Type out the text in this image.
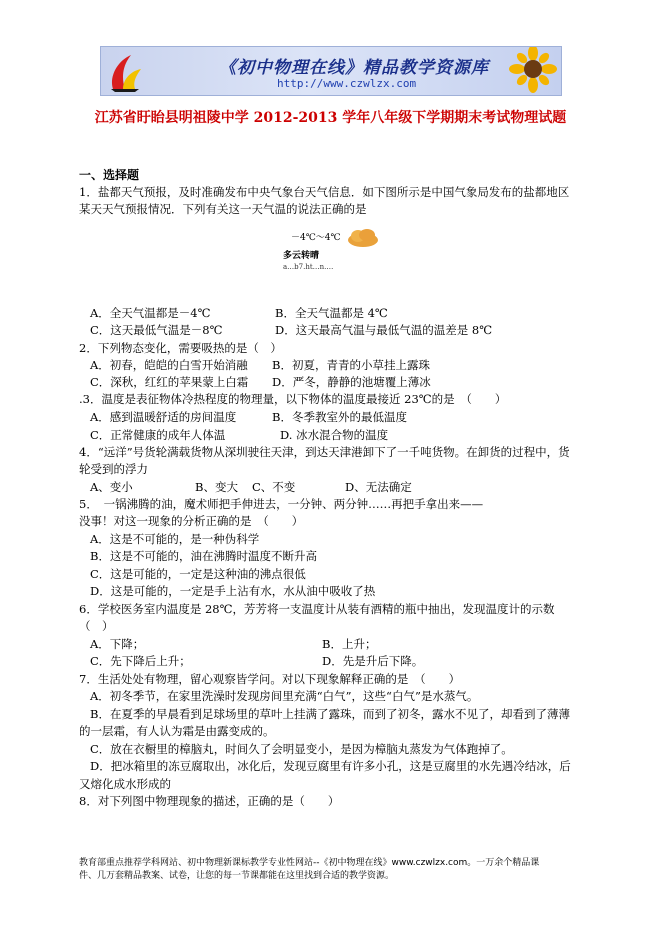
《初中物理在线》精品教学资源库
http://www.czwlzx.com
江苏省盱眙县明祖陵中学 2012-2013 学年八年级下学期期末考试物理试题
一、选择题
1．盐都天气预报，及时准确发布中央气象台天气信息．如下图所示是中国气象局发布的盐都地区
某天天气预报情况．下列有关这一天气温的说法正确的是
－4℃～4℃
多云转晴
a…b7.ht…n.…
A．全天气温都是－4℃	B．全天气温都是 4℃
C．这天最低气温是－8℃	D．这天最高气温与最低气温的温差是 8℃
2．下列物态变化，需要吸热的是（　）
A．初春，皑皑的白雪开始消融 B．初夏，青青的小草挂上露珠
C．深秋，红红的苹果蒙上白霜 D．严冬，静静的池塘覆上薄冰
.3．温度是表征物体冷热程度的物理量，以下物体的温度最接近 23℃的是　（　　）
A．感到温暖舒适的房间温度	B．冬季教室外的最低温度
C．正常健康的成年人体温	D. 冰水混合物的温度
4．“远洋”号货轮满载货物从深圳驶往天津，到达天津港卸下了一千吨货物。在卸货的过程中，货
轮受到的浮力
A、变小	B、变大 C、不变	D、无法确定
5．　一锅沸腾的油，魔术师把手伸进去，一分钟、两分钟……再把手拿出来——
没事！对这一现象的分析正确的是　（　　）
A．这是不可能的，是一种伪科学
B．这是不可能的，油在沸腾时温度不断升高
C．这是可能的，一定是这种油的沸点很低
D．这是可能的，一定是手上沾有水，水从油中吸收了热
6．学校医务室内温度是 28℃，芳芳将一支温度计从装有酒精的瓶中抽出，发现温度计的示数
（　）
A．下降；	B．上升；
C．先下降后上升；	D．先是升后下降。
7．生活处处有物理，留心观察皆学问。对以下现象解释正确的是　（　　）
A．初冬季节，在家里洗澡时发现房间里充满“白气”，这些“白气”是水蒸气。
B．在夏季的早晨看到足球场里的草叶上挂满了露珠，而到了初冬，露水不见了，却看到了薄薄
的一层霜，有人认为霜是由露变成的。
C．放在衣橱里的樟脑丸，时间久了会明显变小，是因为樟脑丸蒸发为气体跑掉了。
D．把冰箱里的冻豆腐取出，冰化后，发现豆腐里有许多小孔，这是豆腐里的水先遇冷结冰，后
又熔化成水形成的
8．对下列图中物理现象的描述，正确的是（　　）
教育部重点推荐学科网站、初中物理新课标教学专业性网站--《初中物理在线》www.czwlzx.com。一万余个精品课
件、几万套精品教案、试卷，让您的每一节课都能在这里找到合适的教学资源。
